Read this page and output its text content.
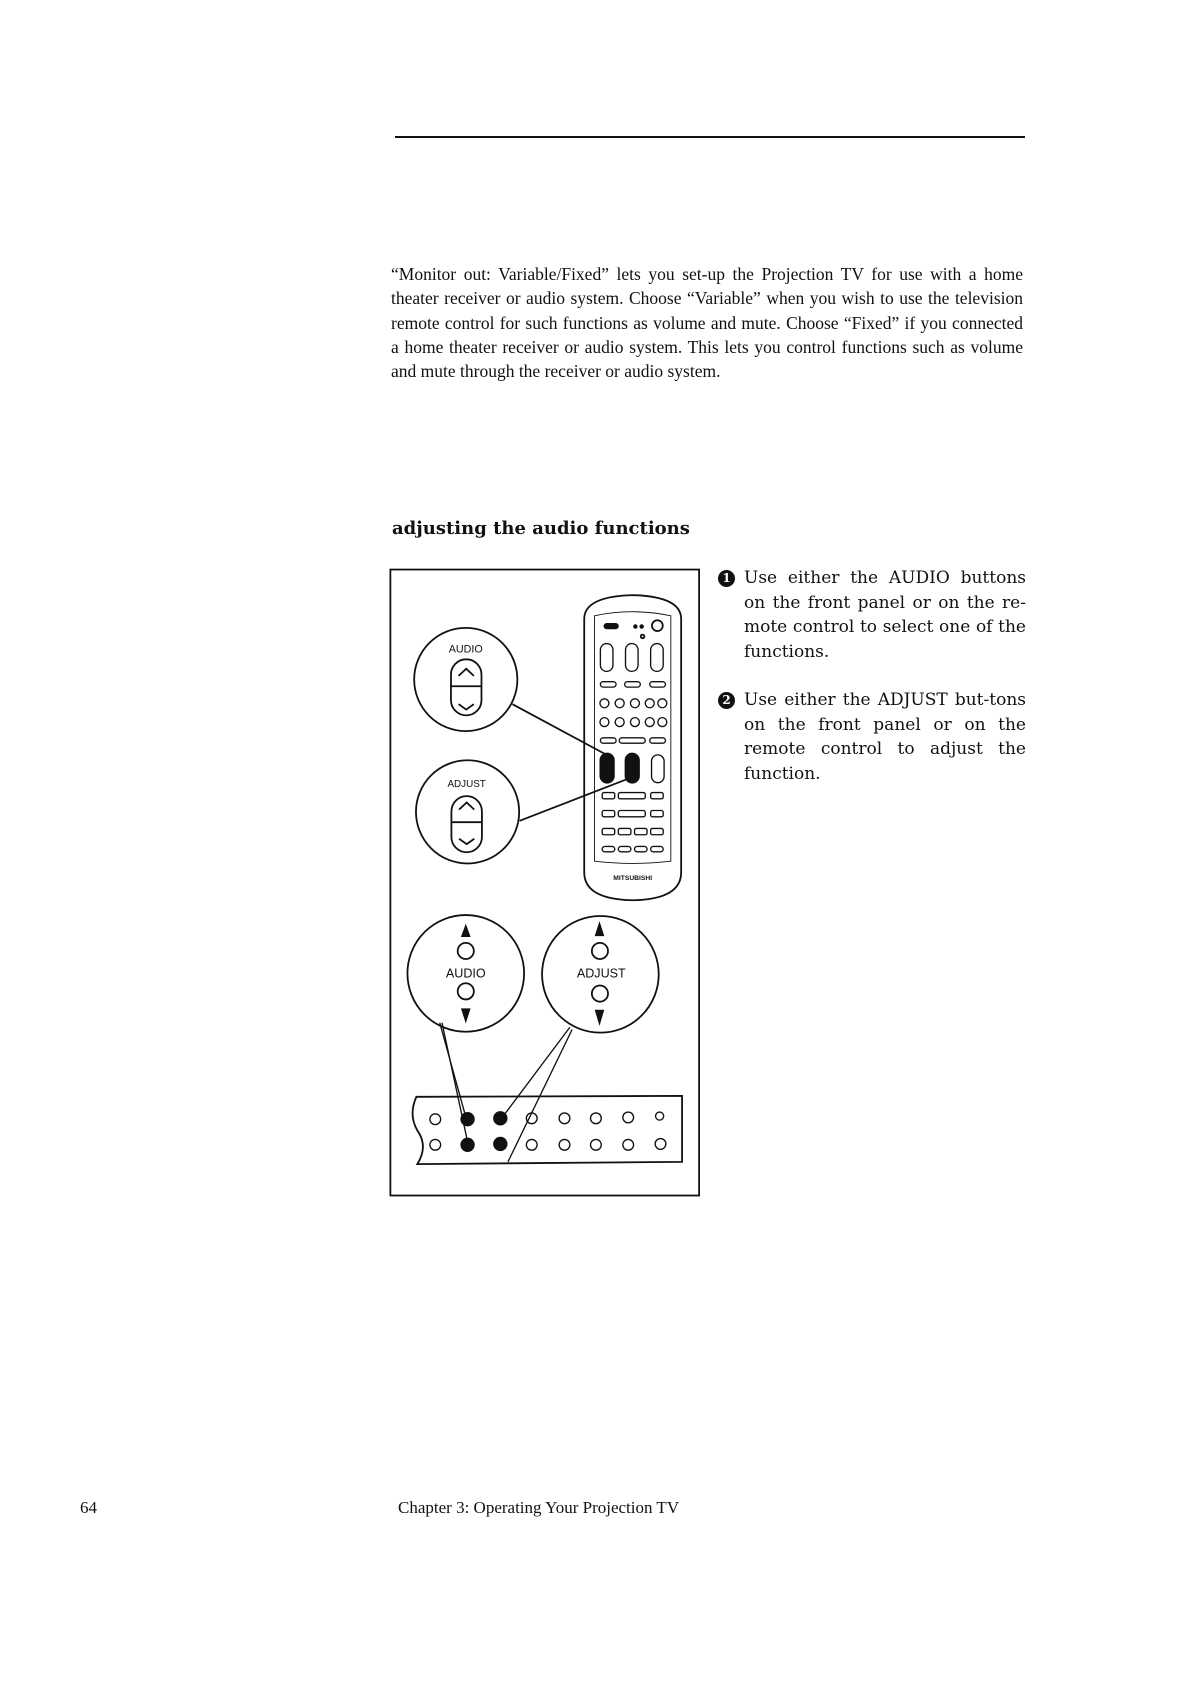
“Monitor out: Variable/Fixed” lets you set-up the Projection TV for use with a home theater receiver or audio system. Choose “Variable” when you wish to use the television remote control for such functions as volume and mute. Choose “Fixed” if you connected a home theater receiver or audio system. This lets you control functions such as volume and mute through the receiver or audio system.

adjusting the audio functions
1 Use either the AUDIO buttons on the front panel or on the re-mote control to select one of the functions.
2 Use either the ADJUST but-tons on the front panel or on the remote control to adjust the function.
MITSUBISHI
AUDIO
ADJUST
AUDIO	ADJUST
64	Chapter 3: Operating Your Projection TV
